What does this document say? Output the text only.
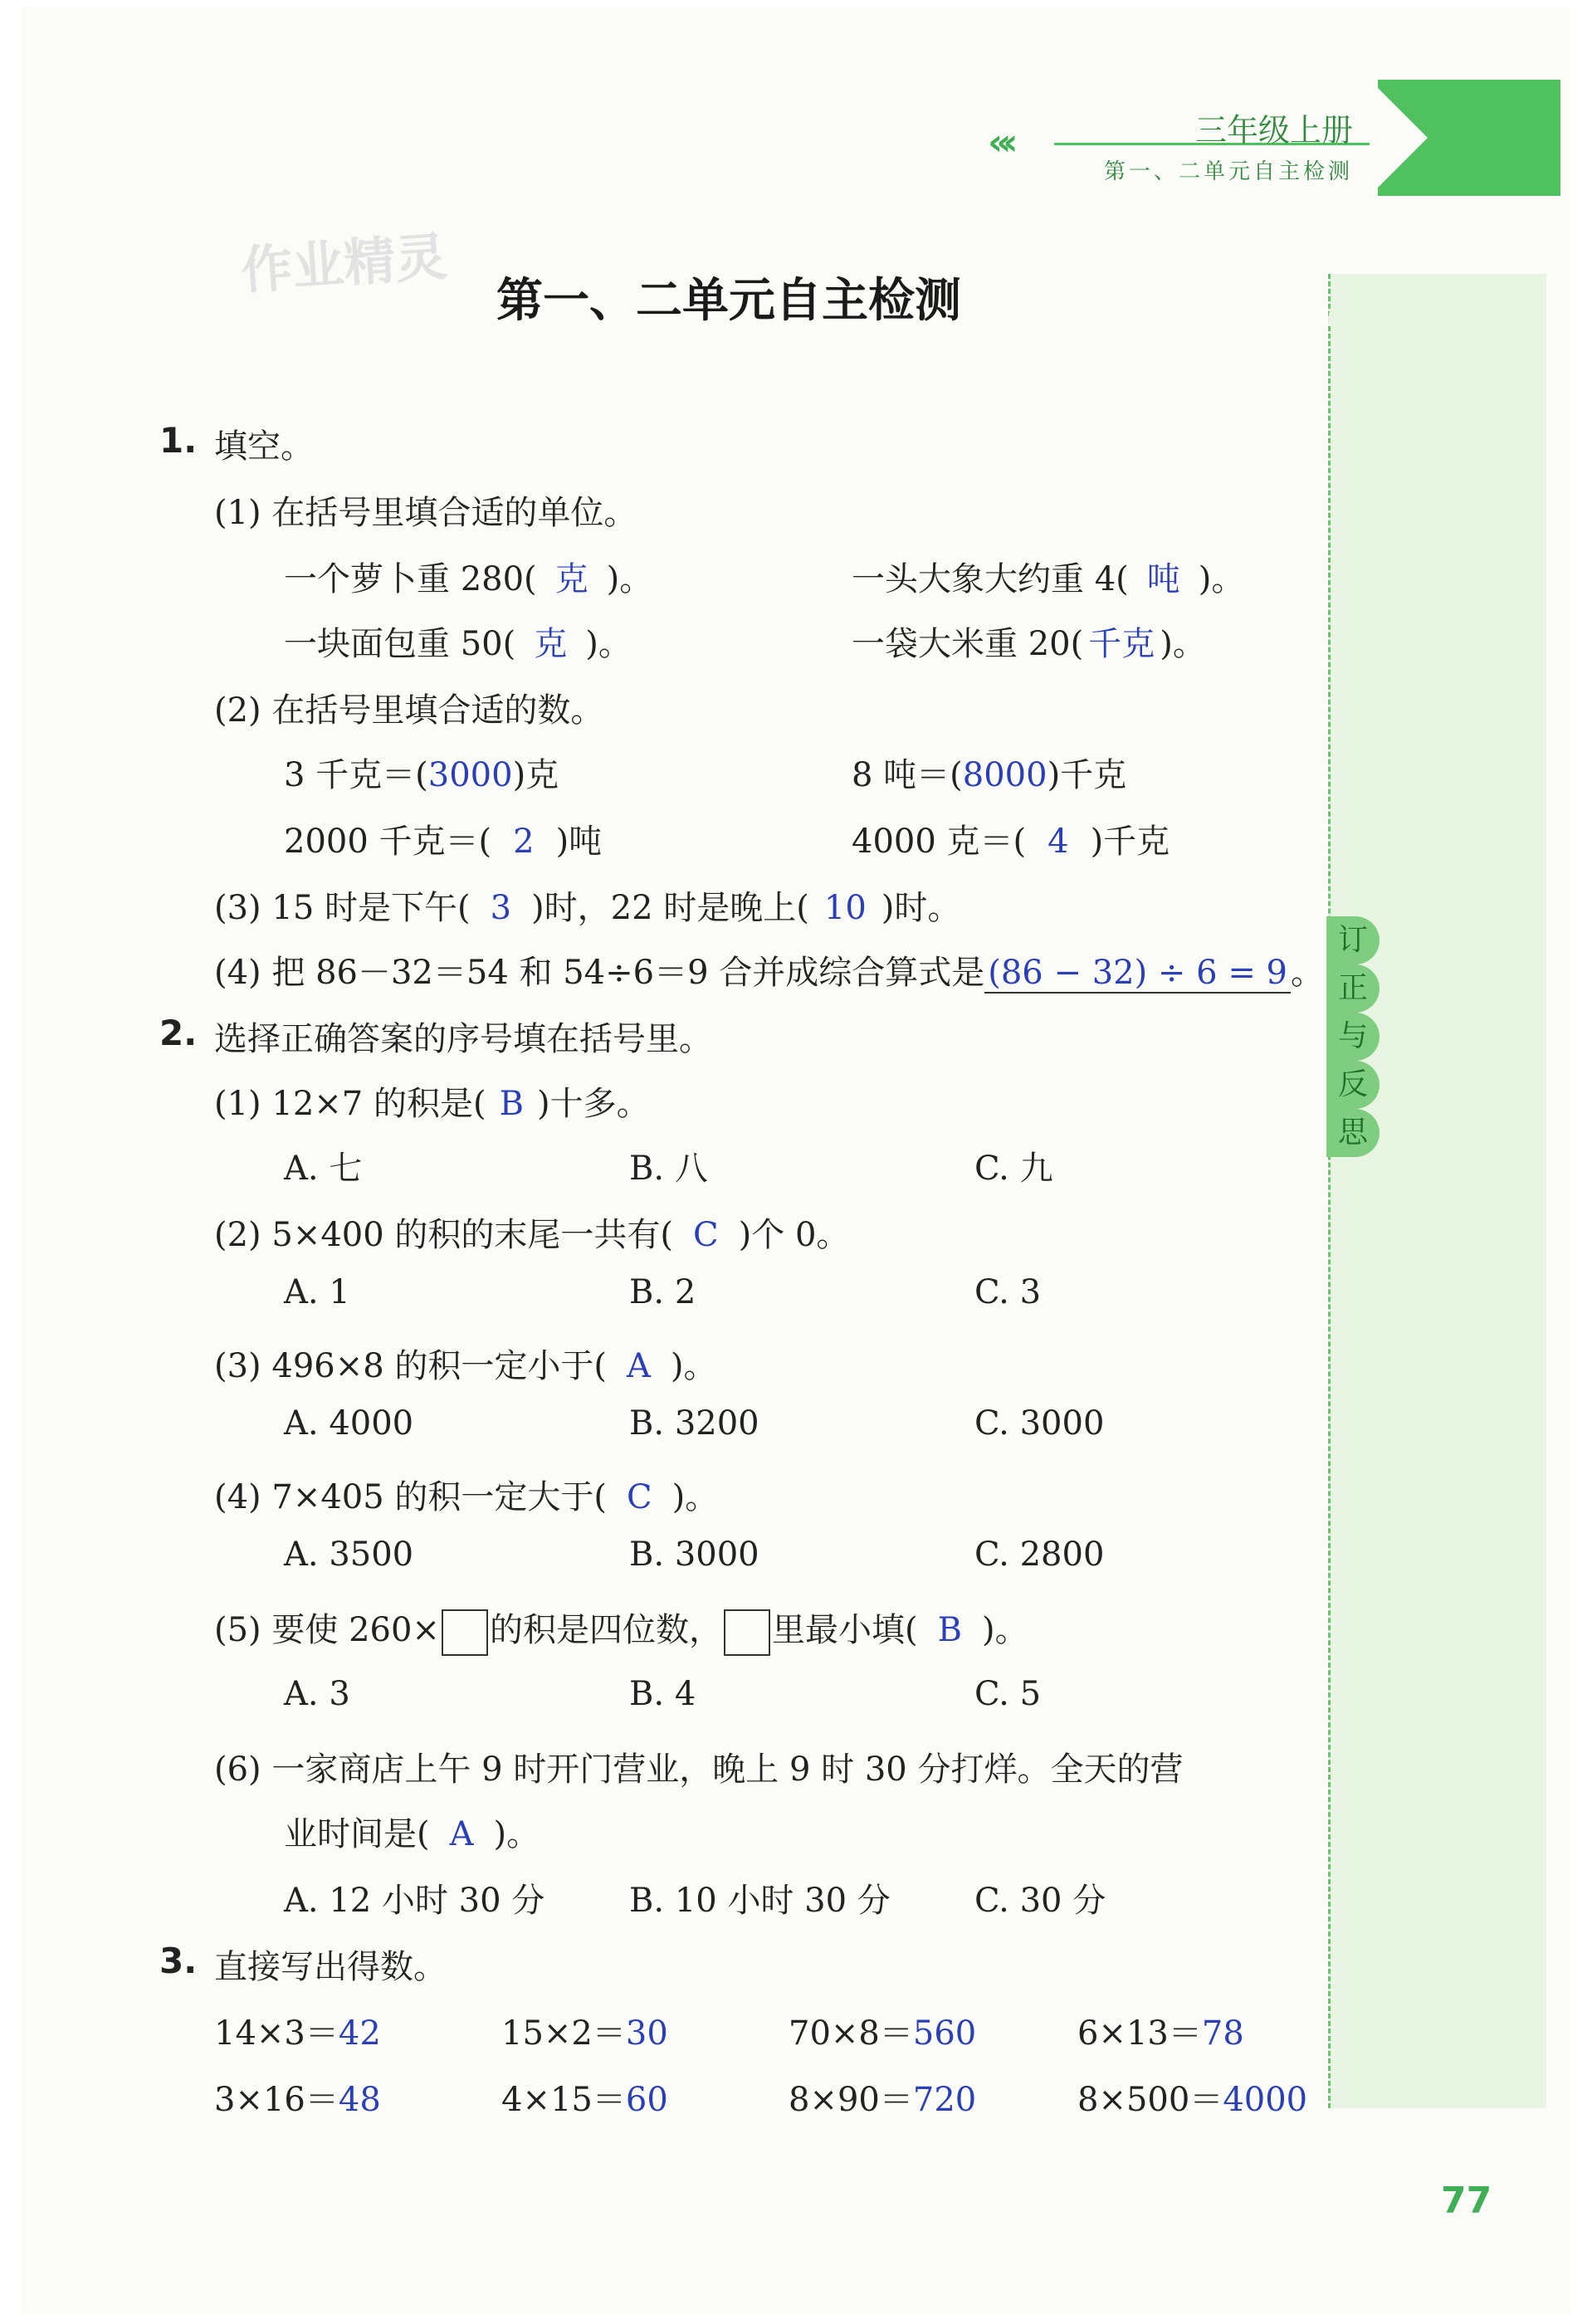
«‹	三年级上册
第一、二单元自主检测
作业精灵 第一、二单元自主检测
订
正
与
反
思
1. 填空。
(1) 在括号里填合适的单位。
一个萝卜重 280( 克 )。	一头大象大约重 4( 吨 )。
一块面包重 50( 克 )。	一袋大米重 20( 千克 )。
(2) 在括号里填合适的数。
3 千克＝(3000)克	8 吨＝(8000)千克
2000 千克＝( 2 )吨	4000 克＝( 4 )千克
(3) 15 时是下午( 3 )时，22 时是晚上( 10 )时。
(4) 把 86－32＝54 和 54÷6＝9 合并成综合算式是 (86 − 32) ÷ 6 = 9 。
2. 选择正确答案的序号填在括号里。
(1) 12×7 的积是( B )十多。
A. 七	B. 八	C. 九
(2) 5×400 的积的末尾一共有( C )个 0。
A. 1	B. 2	C. 3
(3) 496×8 的积一定小于( A )。
A. 4000	B. 3200	C. 3000
(4) 7×405 的积一定大于( C )。
A. 3500	B. 3000	C. 2800
(5) 要使 260× 的积是四位数， 里最小填( B )。
A. 3	B. 4	C. 5
(6) 一家商店上午 9 时开门营业，晚上 9 时 30 分打烊。全天的营
业时间是( A )。
A. 12 小时 30 分	B. 10 小时 30 分	C. 30 分
3. 直接写出得数。
14×3＝42	15×2＝30	70×8＝560	6×13＝78
3×16＝48	4×15＝60	8×90＝720	8×500＝4000
77
